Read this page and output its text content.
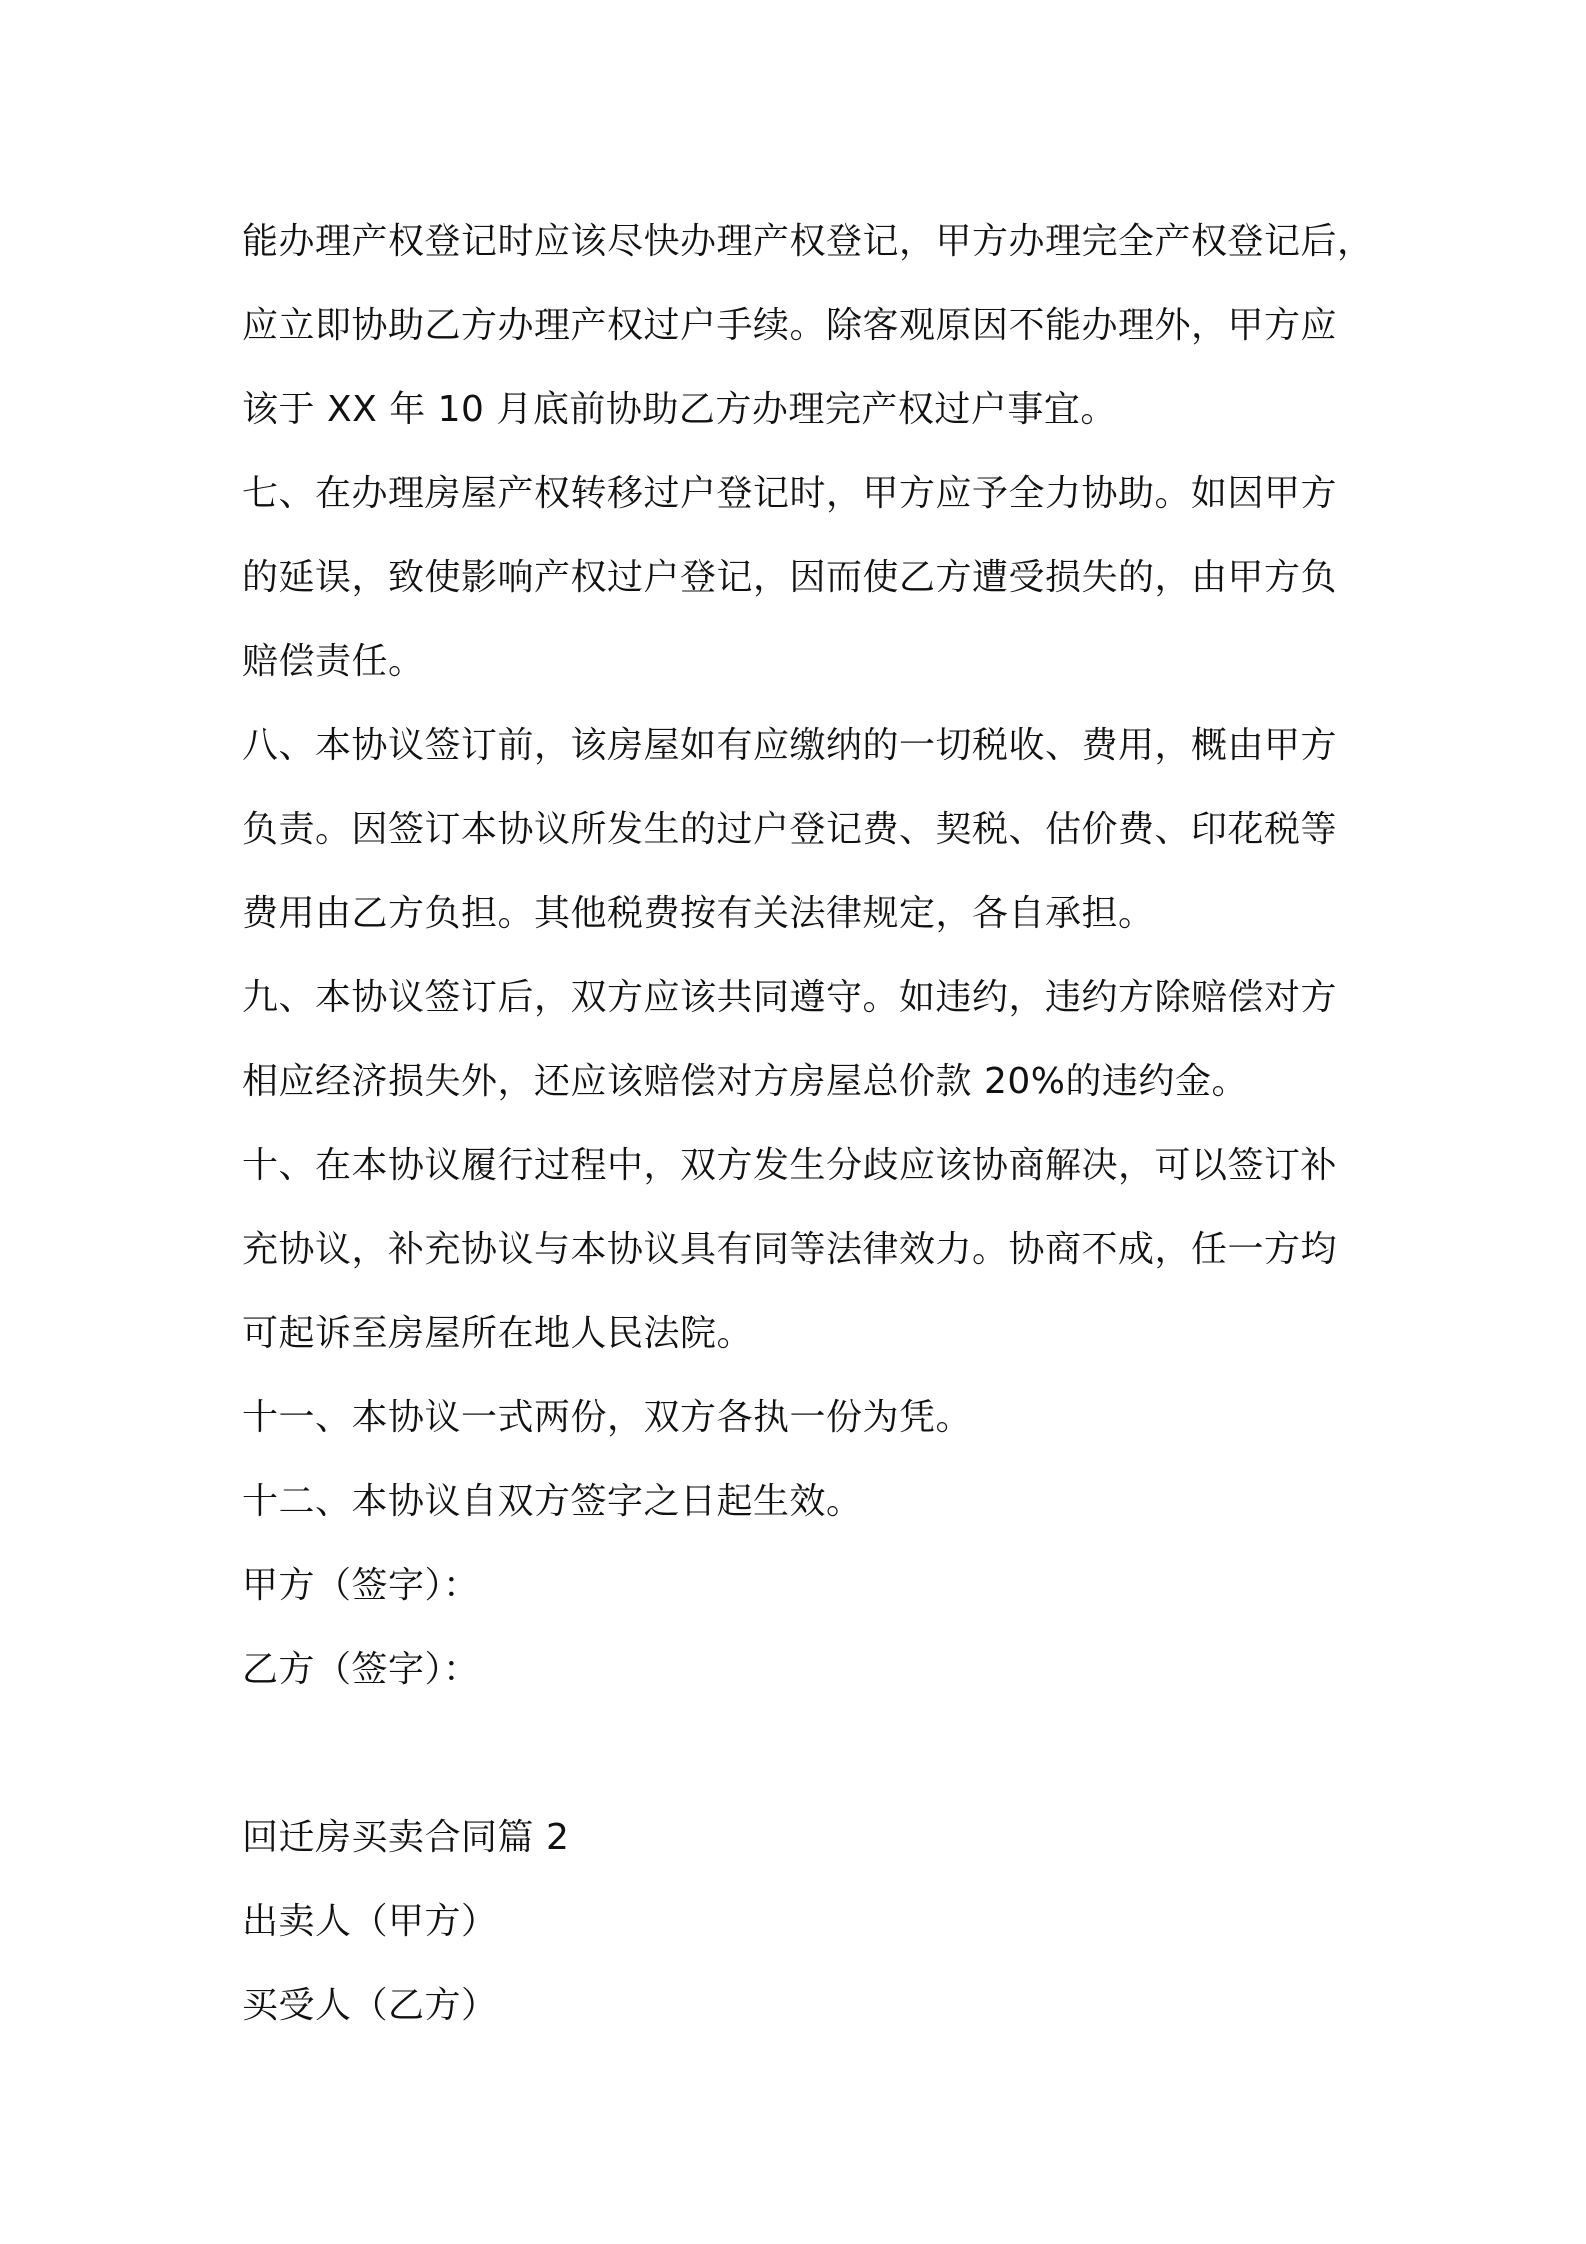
能办理产权登记时应该尽快办理产权登记，甲方办理完全产权登记后，
应立即协助乙方办理产权过户手续。除客观原因不能办理外，甲方应
该于 XX 年 10 月底前协助乙方办理完产权过户事宜。
七、在办理房屋产权转移过户登记时，甲方应予全力协助。如因甲方
的延误，致使影响产权过户登记，因而使乙方遭受损失的，由甲方负
赔偿责任。
八、本协议签订前，该房屋如有应缴纳的一切税收、费用，概由甲方
负责。因签订本协议所发生的过户登记费、契税、估价费、印花税等
费用由乙方负担。其他税费按有关法律规定，各自承担。
九、本协议签订后，双方应该共同遵守。如违约，违约方除赔偿对方
相应经济损失外，还应该赔偿对方房屋总价款 20%的违约金。
十、在本协议履行过程中，双方发生分歧应该协商解决，可以签订补
充协议，补充协议与本协议具有同等法律效力。协商不成，任一方均
可起诉至房屋所在地人民法院。
十一、本协议一式两份，双方各执一份为凭。
十二、本协议自双方签字之日起生效。
甲方（签字）：
乙方（签字）：
回迁房买卖合同篇 2
出卖人（甲方）
买受人（乙方）
